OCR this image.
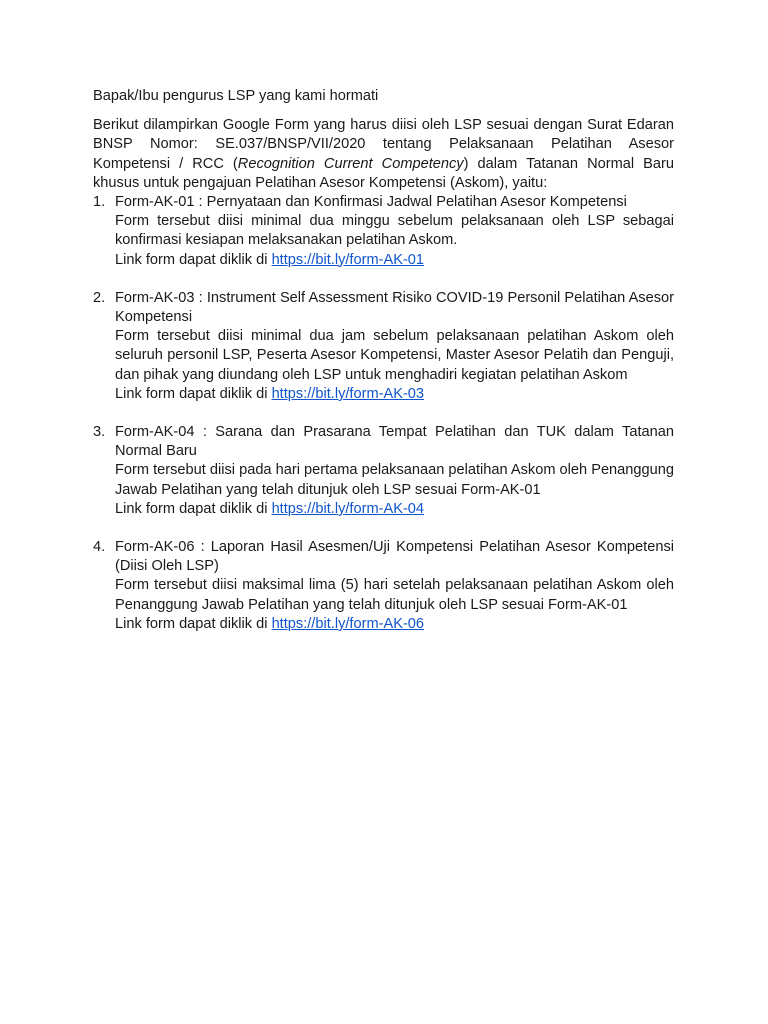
Bapak/Ibu pengurus LSP yang kami hormati

Berikut dilampirkan Google Form yang harus diisi oleh LSP sesuai dengan Surat Edaran BNSP Nomor: SE.037/BNSP/VII/2020 tentang Pelaksanaan Pelatihan Asesor Kompetensi / RCC (Recognition Current Competency) dalam Tatanan Normal Baru khusus untuk pengajuan Pelatihan Asesor Kompetensi (Askom), yaitu:

1. Form-AK-01 : Pernyataan dan Konfirmasi Jadwal Pelatihan Asesor Kompetensi

Form tersebut diisi minimal dua minggu sebelum pelaksanaan oleh LSP sebagai konfirmasi kesiapan melaksanakan pelatihan Askom.

Link form dapat diklik di https://bit.ly/form-AK-01

2. Form-AK-03 : Instrument Self Assessment Risiko COVID-19 Personil Pelatihan Asesor Kompetensi

Form tersebut diisi minimal dua jam sebelum pelaksanaan pelatihan Askom oleh seluruh personil LSP, Peserta Asesor Kompetensi, Master Asesor Pelatih dan Penguji, dan pihak yang diundang oleh LSP untuk menghadiri kegiatan pelatihan Askom

Link form dapat diklik di https://bit.ly/form-AK-03

3. Form-AK-04 : Sarana dan Prasarana Tempat Pelatihan dan TUK dalam Tatanan Normal Baru

Form tersebut diisi pada hari pertama pelaksanaan pelatihan Askom oleh Penanggung Jawab Pelatihan yang telah ditunjuk oleh LSP sesuai Form-AK-01

Link form dapat diklik di https://bit.ly/form-AK-04

4. Form-AK-06 : Laporan Hasil Asesmen/Uji Kompetensi Pelatihan Asesor Kompetensi (Diisi Oleh LSP)

Form tersebut diisi maksimal lima (5) hari setelah pelaksanaan pelatihan Askom oleh Penanggung Jawab Pelatihan yang telah ditunjuk oleh LSP sesuai Form-AK-01

Link form dapat diklik di https://bit.ly/form-AK-06
